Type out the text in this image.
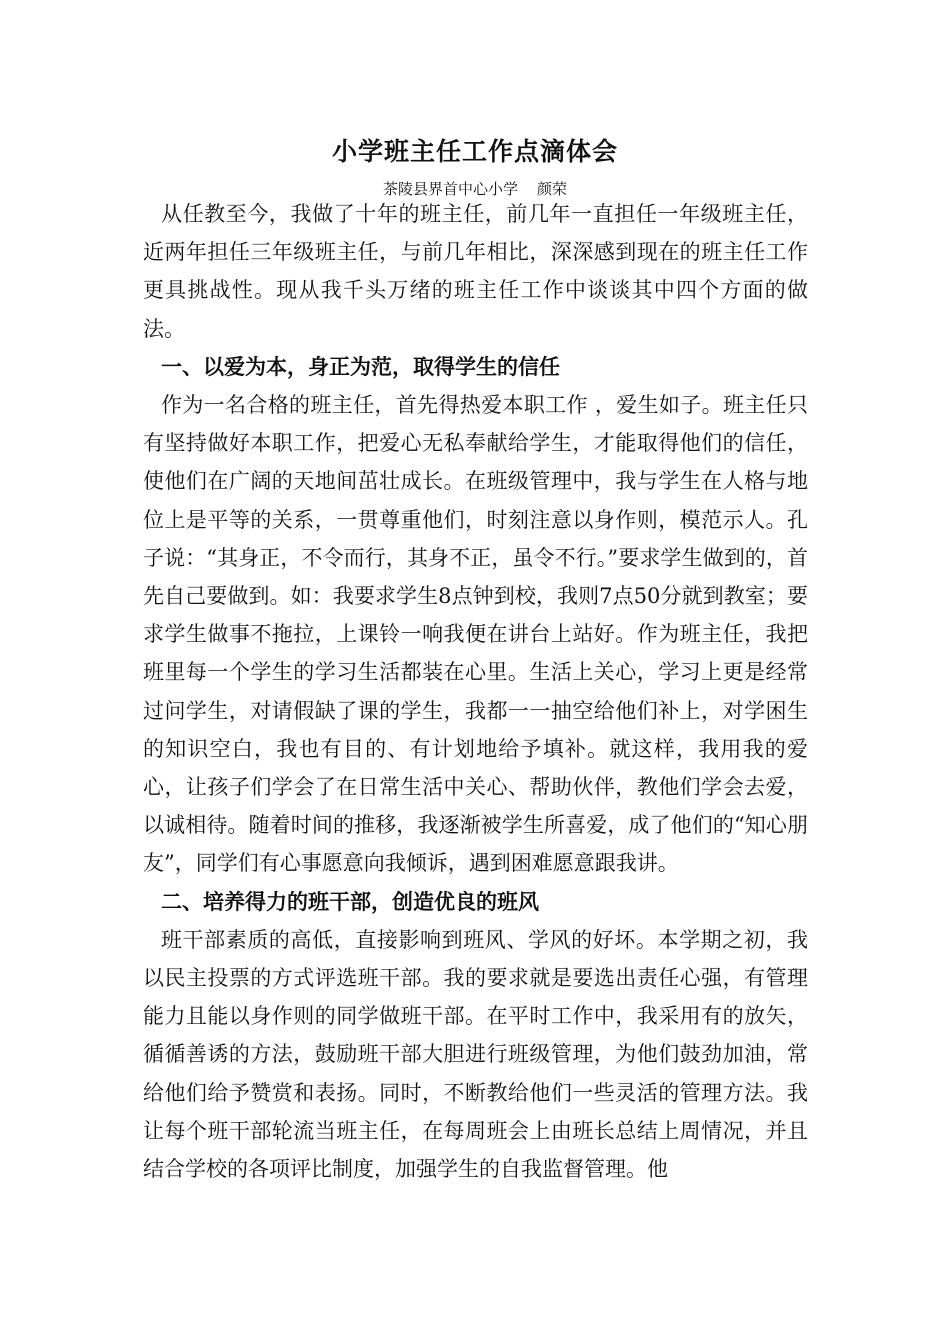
小学班主任工作点滴体会
茶陵县界首中心小学    颜荣

从任教至今，我做了十年的班主任，前几年一直担任一年级班主任，近两年担任三年级班主任，与前几年相比，深深感到现在的班主任工作更具挑战性。现从我千头万绪的班主任工作中谈谈其中四个方面的做法。

一、以爱为本，身正为范，取得学生的信任

作为一名合格的班主任，首先得热爱本职工作 ，爱生如子。班主任只有坚持做好本职工作，把爱心无私奉献给学生，才能取得他们的信任，使他们在广阔的天地间茁壮成长。在班级管理中，我与学生在人格与地位上是平等的关系，一贯尊重他们，时刻注意以身作则，模范示人。孔子说：“其身正，不令而行，其身不正，虽令不行。”要求学生做到的，首先自己要做到。如：我要求学生8点钟到校，我则7点50分就到教室；要求学生做事不拖拉，上课铃一响我便在讲台上站好。作为班主任，我把班里每一个学生的学习生活都装在心里。生活上关心，学习上更是经常过问学生，对请假缺了课的学生，我都一一抽空给他们补上，对学困生的知识空白，我也有目的、有计划地给予填补。就这样，我用我的爱心，让孩子们学会了在日常生活中关心、帮助伙伴，教他们学会去爱，以诚相待。随着时间的推移，我逐渐被学生所喜爱，成了他们的“知心朋友”，同学们有心事愿意向我倾诉，遇到困难愿意跟我讲。

二、培养得力的班干部，创造优良的班风

班干部素质的高低，直接影响到班风、学风的好坏。本学期之初，我以民主投票的方式评选班干部。我的要求就是要选出责任心强，有管理能力且能以身作则的同学做班干部。在平时工作中，我采用有的放矢，循循善诱的方法，鼓励班干部大胆进行班级管理，为他们鼓劲加油，常给他们给予赞赏和表扬。同时，不断教给他们一些灵活的管理方法。我让每个班干部轮流当班主任，在每周班会上由班长总结上周情况，并且结合学校的各项评比制度，加强学生的自我监督管理。他
